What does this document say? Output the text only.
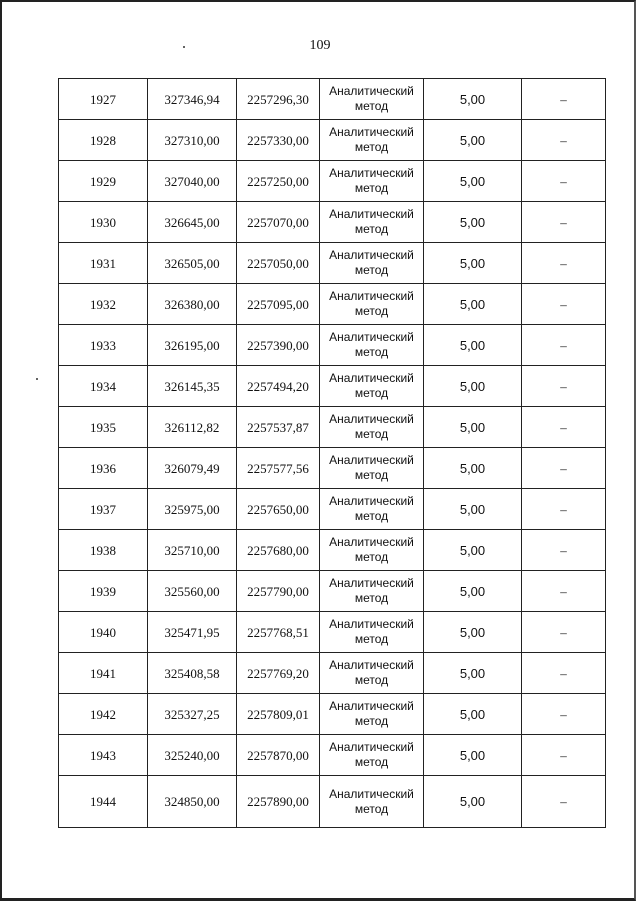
109
1927	327346,94	2257296,30	Аналитический
метод	5,00	–
1928	327310,00	2257330,00	Аналитический
метод	5,00	–
1929	327040,00	2257250,00	Аналитический
метод	5,00	–
1930	326645,00	2257070,00	Аналитический
метод	5,00	–
1931	326505,00	2257050,00	Аналитический
метод	5,00	–
1932	326380,00	2257095,00	Аналитический
метод	5,00	–
1933	326195,00	2257390,00	Аналитический
метод	5,00	–
1934	326145,35	2257494,20	Аналитический
метод	5,00	–
1935	326112,82	2257537,87	Аналитический
метод	5,00	–
1936	326079,49	2257577,56	Аналитический
метод	5,00	–
1937	325975,00	2257650,00	Аналитический
метод	5,00	–
1938	325710,00	2257680,00	Аналитический
метод	5,00	–
1939	325560,00	2257790,00	Аналитический
метод	5,00	–
1940	325471,95	2257768,51	Аналитический
метод	5,00	–
1941	325408,58	2257769,20	Аналитический
метод	5,00	–
1942	325327,25	2257809,01	Аналитический
метод	5,00	–
1943	325240,00	2257870,00	Аналитический
метод	5,00	–
1944	324850,00	2257890,00	Аналитический
метод	5,00	–
